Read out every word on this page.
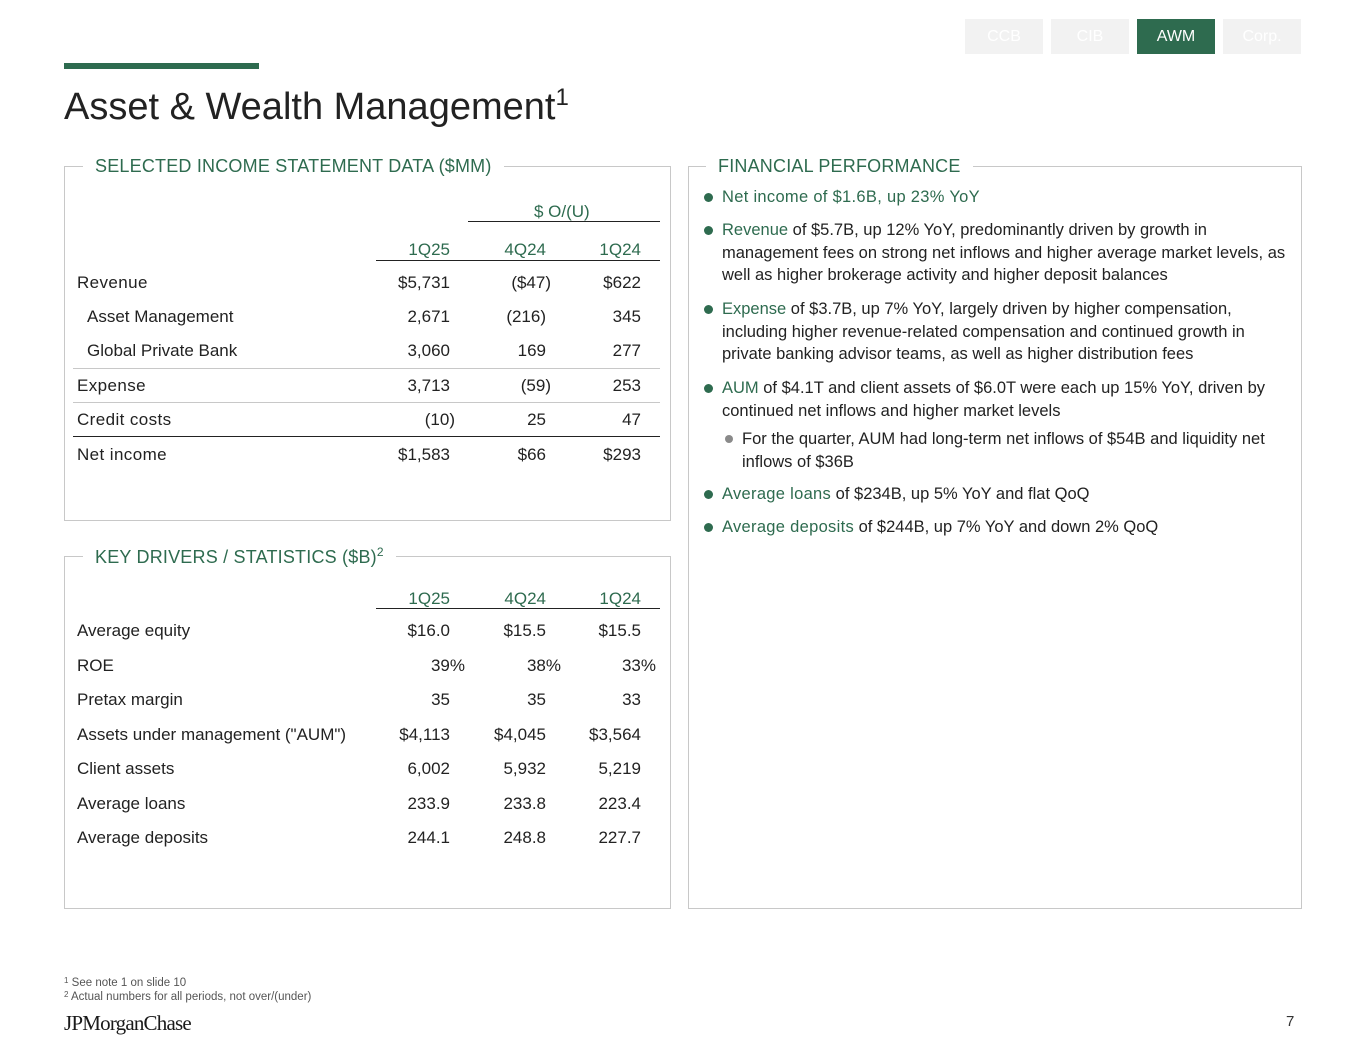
CCB	CIB	AWM	Corp.
Asset & Wealth Management$^1$
SELECTED INCOME STATEMENT DATA ($MM)
$ O/(U)
1Q25	4Q24	1Q24
Revenue	$5,731	($47)	$622
Asset Management	2,671	(216)	345
Global Private Bank	3,060	169	277
Expense	3,713	(59)	253
Credit costs	(10)	25	47
Net income	$1,583	$66	$293
KEY DRIVERS / STATISTICS ($B)$^2$
1Q25	4Q24	1Q24
Average equity	$16.0	$15.5	$15.5
ROE	39%	38%	33%
Pretax margin	35	35	33
Assets under management ("AUM")	$4,113	$4,045	$3,564
Client assets	6,002	5,932	5,219
Average loans	233.9	233.8	223.4
Average deposits	244.1	248.8	227.7
FINANCIAL PERFORMANCE
Net income of $1.6B, up 23% YoY
Revenue of $5.7B, up 12% YoY, predominantly driven by growth in management fees on strong net inflows and higher average market levels, as well as higher brokerage activity and higher deposit balances
Expense of $3.7B, up 7% YoY, largely driven by higher compensation, including higher revenue-related compensation and continued growth in private banking advisor teams, as well as higher distribution fees
AUM of $4.1T and client assets of $6.0T were each up 15% YoY, driven by continued net inflows and higher market levels
For the quarter, AUM had long-term net inflows of $54B and liquidity net inflows of $36B
Average loans of $234B, up 5% YoY and flat QoQ
Average deposits of $244B, up 7% YoY and down 2% QoQ
$^1$ See note 1 on slide 10
$^2$ Actual numbers for all periods, not over/(under)
JPMorganChase	7
